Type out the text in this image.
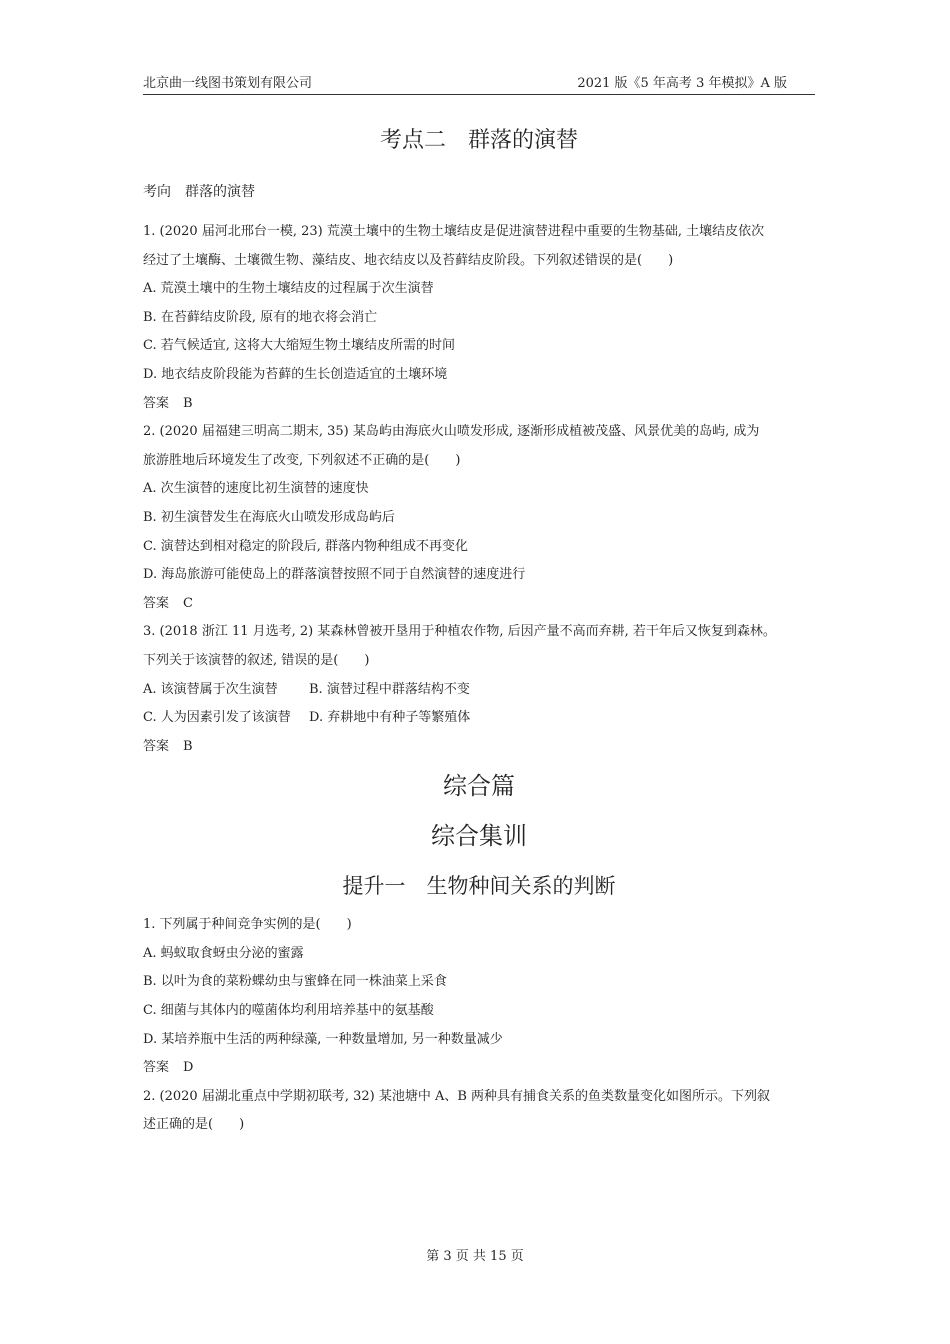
北京曲一线图书策划有限公司	2021 版《5 年高考 3 年模拟》A 版
考点二　群落的演替
考向　群落的演替
1. (2020 届河北邢台一模, 23) 荒漠土壤中的生物土壤结皮是促进演替进程中重要的生物基础, 土壤结皮依次
经过了土壤酶、土壤微生物、藻结皮、地衣结皮以及苔藓结皮阶段。下列叙述错误的是(　　)
A. 荒漠土壤中的生物土壤结皮的过程属于次生演替
B. 在苔藓结皮阶段, 原有的地衣将会消亡
C. 若气候适宜, 这将大大缩短生物土壤结皮所需的时间
D. 地衣结皮阶段能为苔藓的生长创造适宜的土壤环境
答案 B
2. (2020 届福建三明高二期末, 35) 某岛屿由海底火山喷发形成, 逐渐形成植被茂盛、风景优美的岛屿, 成为
旅游胜地后环境发生了改变, 下列叙述不正确的是(　　)
A. 次生演替的速度比初生演替的速度快
B. 初生演替发生在海底火山喷发形成岛屿后
C. 演替达到相对稳定的阶段后, 群落内物种组成不再变化
D. 海岛旅游可能使岛上的群落演替按照不同于自然演替的速度进行
答案 C
3. (2018 浙江 11 月选考, 2) 某森林曾被开垦用于种植农作物, 后因产量不高而弃耕, 若干年后又恢复到森林。
下列关于该演替的叙述, 错误的是(　　)
A. 该演替属于次生演替	B. 演替过程中群落结构不变
C. 人为因素引发了该演替	D. 弃耕地中有种子等繁殖体
答案 B
综合篇
综合集训
提升一　生物种间关系的判断
1. 下列属于种间竞争实例的是(　　)
A. 蚂蚁取食蚜虫分泌的蜜露
B. 以叶为食的菜粉蝶幼虫与蜜蜂在同一株油菜上采食
C. 细菌与其体内的噬菌体均利用培养基中的氨基酸
D. 某培养瓶中生活的两种绿藻, 一种数量增加, 另一种数量减少
答案 D
2. (2020 届湖北重点中学期初联考, 32) 某池塘中 A、B 两种具有捕食关系的鱼类数量变化如图所示。下列叙
述正确的是(　　)
第 3 页 共 15 页
